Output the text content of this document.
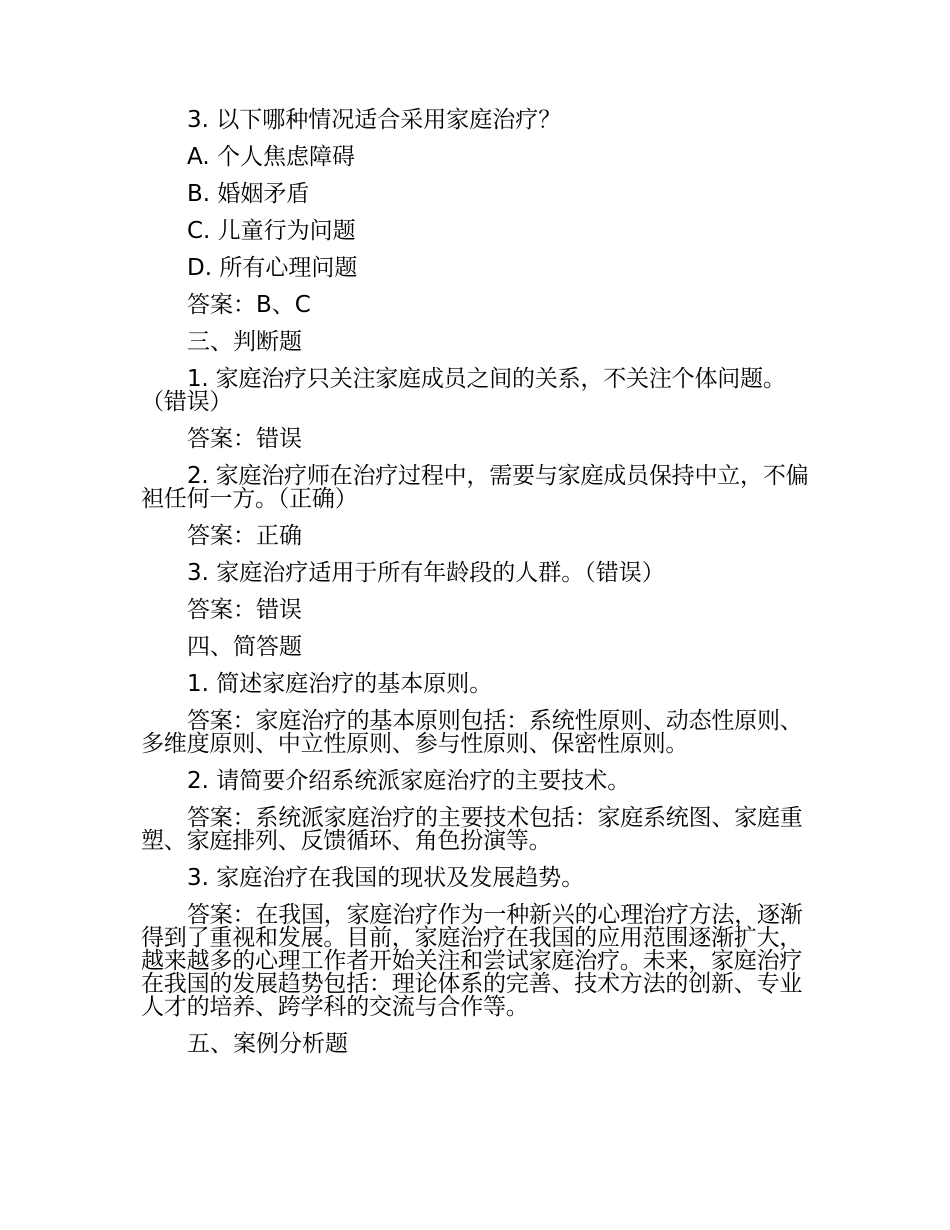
3. 以下哪种情况适合采用家庭治疗？

A. 个人焦虑障碍

B. 婚姻矛盾

C. 儿童行为问题

D. 所有心理问题

答案：B、C

三、判断题

1. 家庭治疗只关注家庭成员之间的关系，不关注个体问题。（错误）

答案：错误

2. 家庭治疗师在治疗过程中，需要与家庭成员保持中立，不偏袒任何一方。（正确）

答案：正确

3. 家庭治疗适用于所有年龄段的人群。（错误）

答案：错误

四、简答题

1. 简述家庭治疗的基本原则。

答案：家庭治疗的基本原则包括：系统性原则、动态性原则、多维度原则、中立性原则、参与性原则、保密性原则。

2. 请简要介绍系统派家庭治疗的主要技术。

答案：系统派家庭治疗的主要技术包括：家庭系统图、家庭重塑、家庭排列、反馈循环、角色扮演等。

3. 家庭治疗在我国的现状及发展趋势。

答案：在我国，家庭治疗作为一种新兴的心理治疗方法，逐渐得到了重视和发展。目前，家庭治疗在我国的应用范围逐渐扩大，越来越多的心理工作者开始关注和尝试家庭治疗。未来，家庭治疗在我国的发展趋势包括：理论体系的完善、技术方法的创新、专业人才的培养、跨学科的交流与合作等。

五、案例分析题
